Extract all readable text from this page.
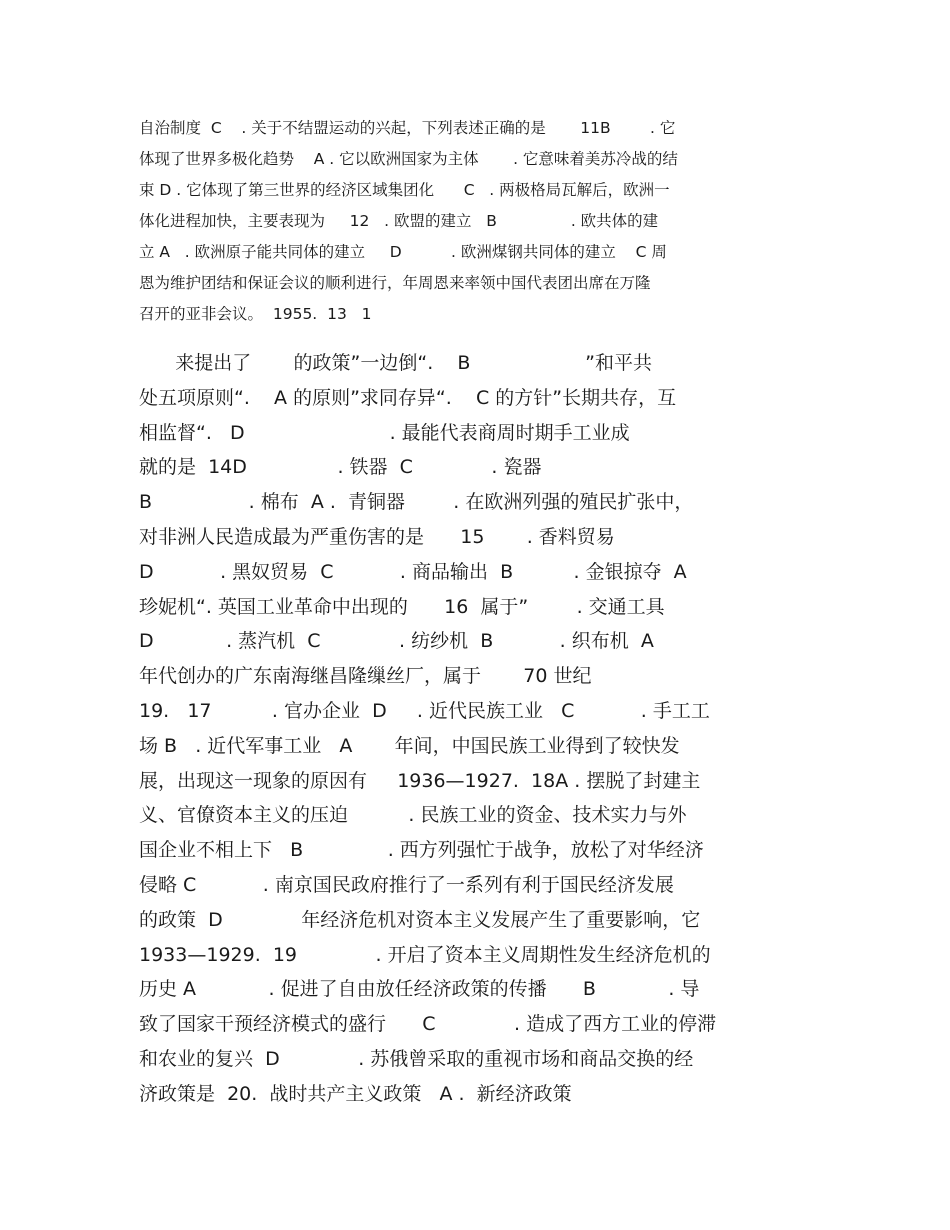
自治制度  C    . 关于不结盟运动的兴起，下列表述正确的是       11B        . 它
体现了世界多极化趋势    A . 它以欧洲国家为主体       . 它意味着美苏冷战的结
束 D . 它体现了第三世界的经济区域集团化      C   . 两极格局瓦解后，欧洲一
体化进程加快，主要表现为     12   . 欧盟的建立   B               . 欧共体的建
立 A   . 欧洲原子能共同体的建立     D          . 欧洲煤钢共同体的建立    C 周
恩为维护团结和保证会议的顺利进行，年周恩来率领中国代表团出席在万隆
召开的亚非会议。  1955.  13   1
来提出了       的政策”一边倒“.    B                   ”和平共
处五项原则“.    A 的原则”求同存异“.    C 的方针”长期共存，互
相监督“.   D                        . 最能代表商周时期手工业成
就的是  14D               . 铁器  C             . 瓷器
B                . 棉布  A .  青铜器        . 在欧洲列强的殖民扩张中，
对非洲人民造成最为严重伤害的是      15       . 香料贸易
D           . 黑奴贸易  C           . 商品输出  B          . 金银掠夺  A
珍妮机“. 英国工业革命中出现的      16  属于”        . 交通工具
D            . 蒸汽机  C             . 纺纱机  B           . 织布机  A
年代创办的广东南海继昌隆缫丝厂，属于       70 世纪
19.   17          . 官办企业  D     . 近代民族工业   C           . 手工工
场 B   . 近代军事工业   A       年间，中国民族工业得到了较快发
展，出现这一现象的原因有     1936—1927.  18A . 摆脱了封建主
义、官僚资本主义的压迫          . 民族工业的资金、技术实力与外
国企业不相上下   B              . 西方列强忙于战争，放松了对华经济
侵略 C           . 南京国民政府推行了一系列有利于国民经济发展
的政策  D             年经济危机对资本主义发展产生了重要影响，它
1933—1929.  19             . 开启了资本主义周期性发生经济危机的
历史 A            . 促进了自由放任经济政策的传播      B            . 导
致了国家干预经济模式的盛行      C             . 造成了西方工业的停滞
和农业的复兴  D             . 苏俄曾采取的重视市场和商品交换的经
济政策是  20.  战时共产主义政策   A .  新经济政策
